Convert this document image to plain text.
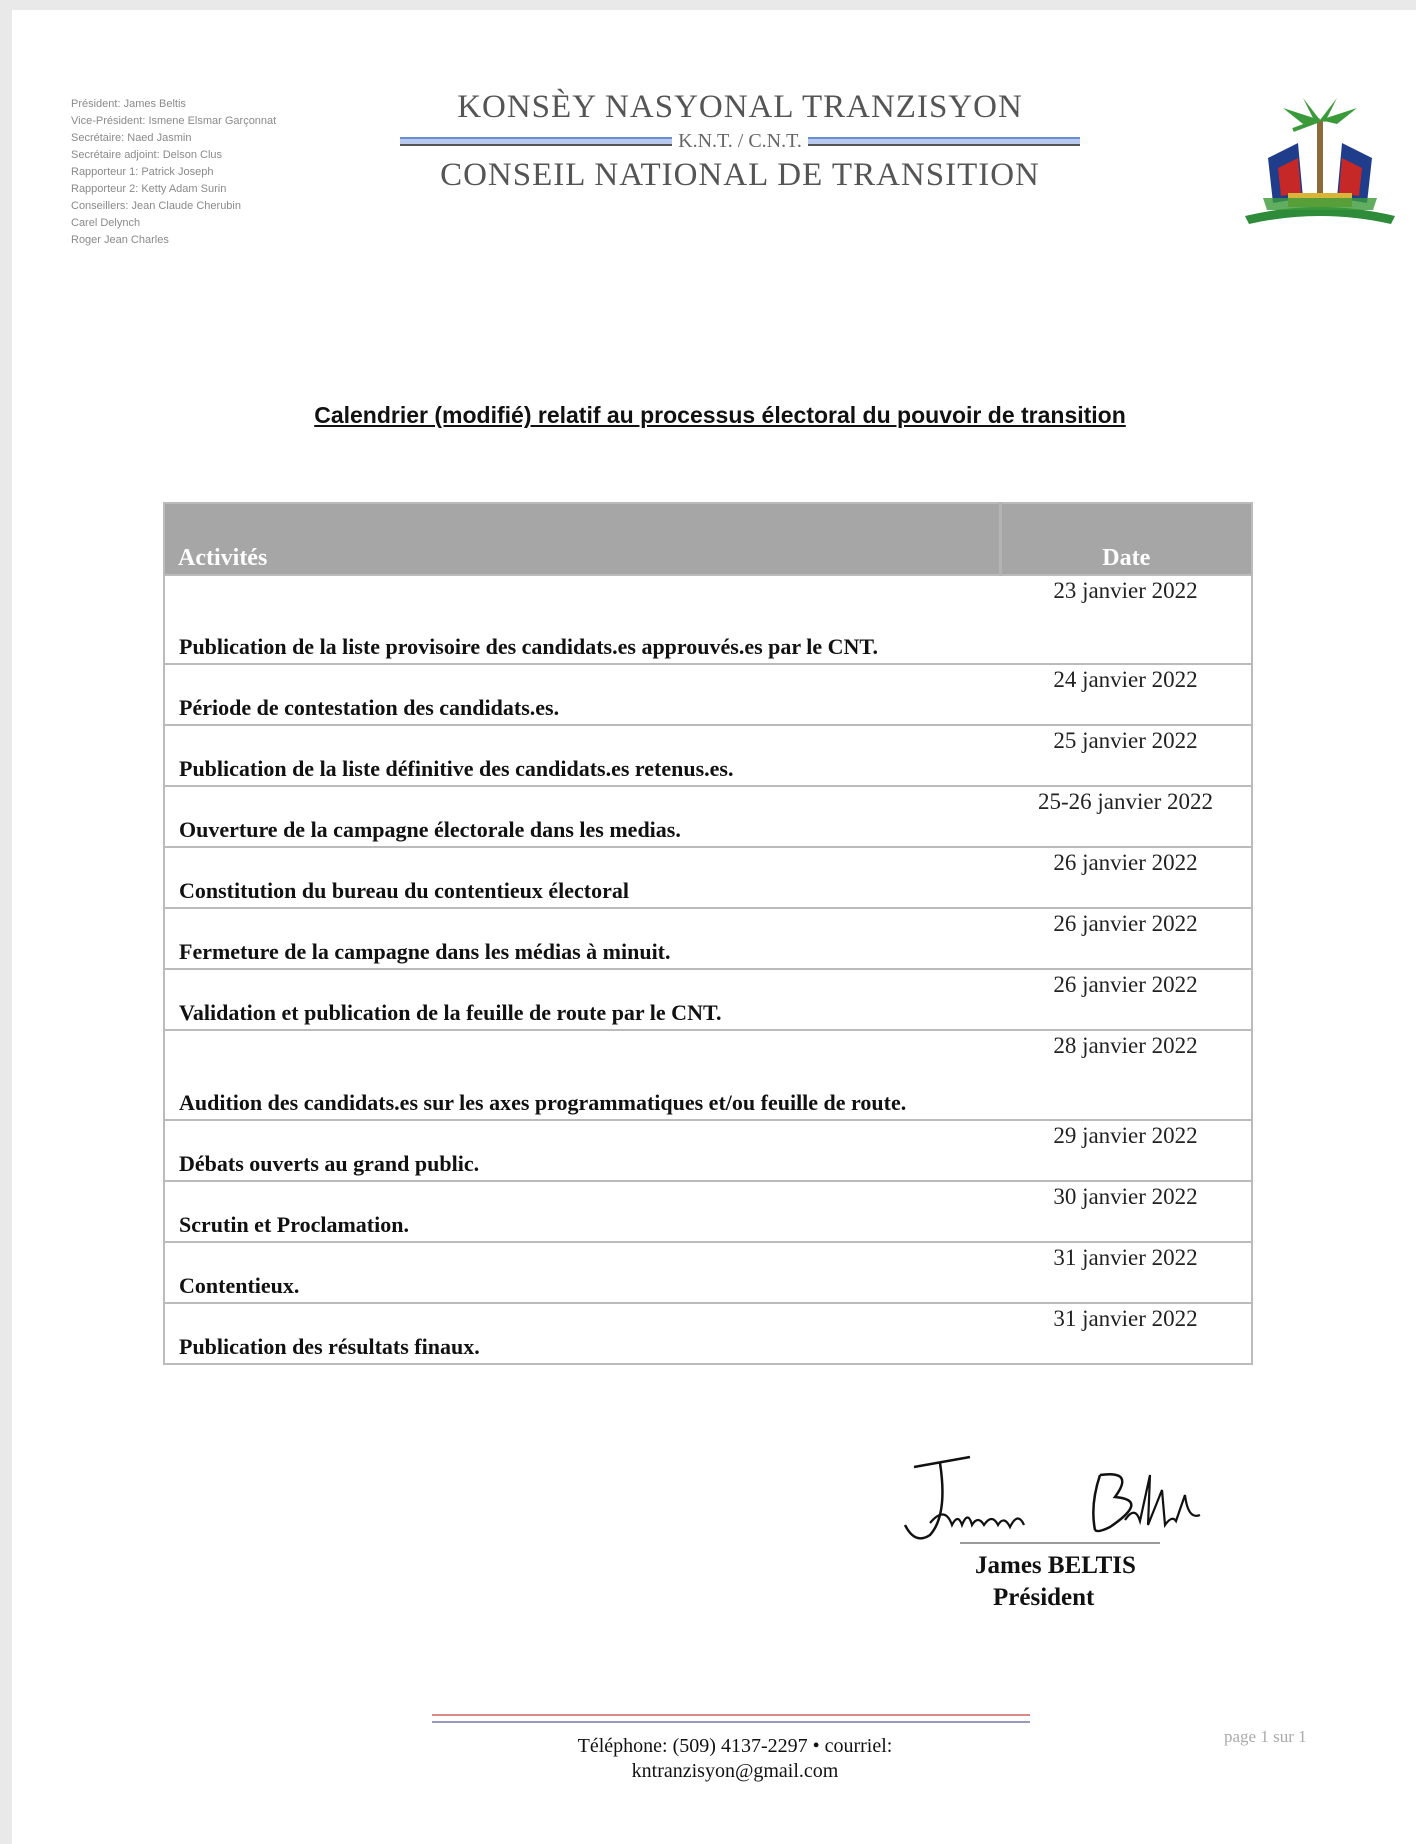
Président: James Beltis
Vice-Président: Ismene Elsmar Garçonnat
Secrétaire: Naed Jasmin
Secrétaire adjoint: Delson Clus
Rapporteur 1: Patrick Joseph
Rapporteur 2: Ketty Adam Surin
Conseillers: Jean Claude Cherubin
Carel Delynch
Roger Jean Charles
KONSÈY NASYONAL TRANZISYON
K.N.T. / C.N.T.
CONSEIL NATIONAL DE TRANSITION
Calendrier (modifié) relatif au processus électoral du pouvoir de transition
Activités	Date
Publication de la liste provisoire des candidats.es approuvés.es par le CNT.	23 janvier 2022
Période de contestation des candidats.es.	24 janvier 2022
Publication de la liste définitive des candidats.es retenus.es.	25 janvier 2022
Ouverture de la campagne électorale dans les medias.	25-26 janvier 2022
Constitution du bureau du contentieux électoral	26 janvier 2022
Fermeture de la campagne dans les médias à minuit.	26 janvier 2022
Validation et publication de la feuille de route par le CNT.	26 janvier 2022
Audition des candidats.es sur les axes programmatiques et/ou feuille de route.	28 janvier 2022
Débats ouverts au grand public.	29 janvier 2022
Scrutin et Proclamation.	30 janvier 2022
Contentieux.	31 janvier 2022
Publication des résultats finaux.	31 janvier 2022
James BELTIS
Président
Téléphone: (509) 4137-2297 • courriel:
kntranzisyon@gmail.com
page 1 sur 1
